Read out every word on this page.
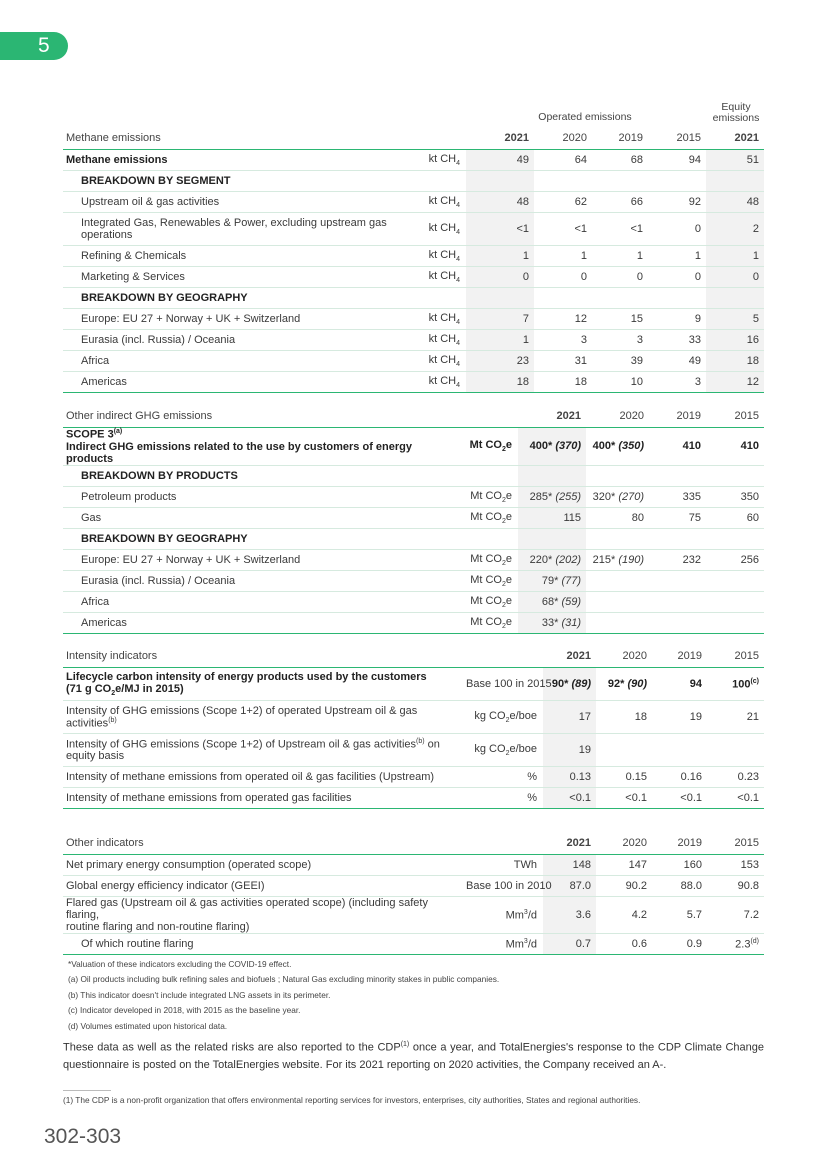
5
Operated emissions
Equity emissions
Methane emissions		2021	2020	2019	2015	2021
Methane emissions	kt $CH_4$	49	64	68	94	51
BREAKDOWN BY SEGMENT						
Upstream oil & gas activities	kt $CH_4$	48	62	66	92	48
Integrated Gas, Renewables & Power, excluding upstream gas
operations	kt $CH_4$	<1	<1	<1	0	2
Refining & Chemicals	kt $CH_4$	1	1	1	1	1
Marketing & Services	kt $CH_4$	0	0	0	0	0
BREAKDOWN BY GEOGRAPHY						
Europe: EU 27 + Norway + UK + Switzerland	kt $CH_4$	7	12	15	9	5
Eurasia (incl. Russia) / Oceania	kt $CH_4$	1	3	3	33	16
Africa	kt $CH_4$	23	31	39	49	18
Americas	kt $CH_4$	18	18	10	3	12
Other indirect GHG emissions		2021	2020	2019	2015
SCOPE 3$^{(a)}$
Indirect GHG emissions related to the use by customers of energy products	Mt $CO_2e$	400* (370)	400* (350)	410	410
BREAKDOWN BY PRODUCTS					
Petroleum products	Mt $CO_2e$	285* (255)	320* (270)	335	350
Gas	Mt $CO_2e$	115	80	75	60
BREAKDOWN BY GEOGRAPHY					
Europe: EU 27 + Norway + UK + Switzerland	Mt $CO_2e$	220* (202)	215* (190)	232	256
Eurasia (incl. Russia) / Oceania	Mt $CO_2e$	79* (77)			
Africa	Mt $CO_2e$	68* (59)			
Americas	Mt $CO_2e$	33* (31)			
Intensity indicators		2021	2020	2019	2015
Lifecycle carbon intensity of energy products used by the customers
(71 g $CO_2e/MJ$ in 2015)	Base 100 in 2015	90* (89)	92* (90)	94	100$^{(c)}$
Intensity of GHG emissions (Scope 1+2) of operated Upstream oil & gas
activities$^{(b)}$	kg $CO_2e$/boe	17	18	19	21
Intensity of GHG emissions (Scope 1+2) of Upstream oil & gas activities$^{(b)}$ on
equity basis	kg $CO_2e$/boe	19			
Intensity of methane emissions from operated oil & gas facilities (Upstream)	%	0.13	0.15	0.16	0.23
Intensity of methane emissions from operated gas facilities	%	<0.1	<0.1	<0.1	<0.1
Other indicators		2021	2020	2019	2015
Net primary energy consumption (operated scope)	TWh	148	147	160	153
Global energy efficiency indicator (GEEI)	Base 100 in 2010	87.0	90.2	88.0	90.8
Flared gas (Upstream oil & gas activities operated scope) (including safety flaring,
routine flaring and non-routine flaring)	Mm$^3$/d	3.6	4.2	5.7	7.2
Of which routine flaring	Mm$^3$/d	0.7	0.6	0.9	2.3$^{(d)}$
*Valuation of these indicators excluding the COVID-19 effect.
(a) Oil products including bulk refining sales and biofuels ; Natural Gas excluding minority stakes in public companies.
(b) This indicator doesn't include integrated LNG assets in its perimeter.
(c) Indicator developed in 2018, with 2015 as the baseline year.
(d) Volumes estimated upon historical data.
These data as well as the related risks are also reported to the CDP$^{(1)}$ once a year, and TotalEnergies's response to the CDP Climate Change questionnaire is posted on the TotalEnergies website. For its 2021 reporting on 2020 activities, the Company received an A-.
(1) The CDP is a non-profit organization that offers environmental reporting services for investors, enterprises, city authorities, States and regional authorities.
302-303
